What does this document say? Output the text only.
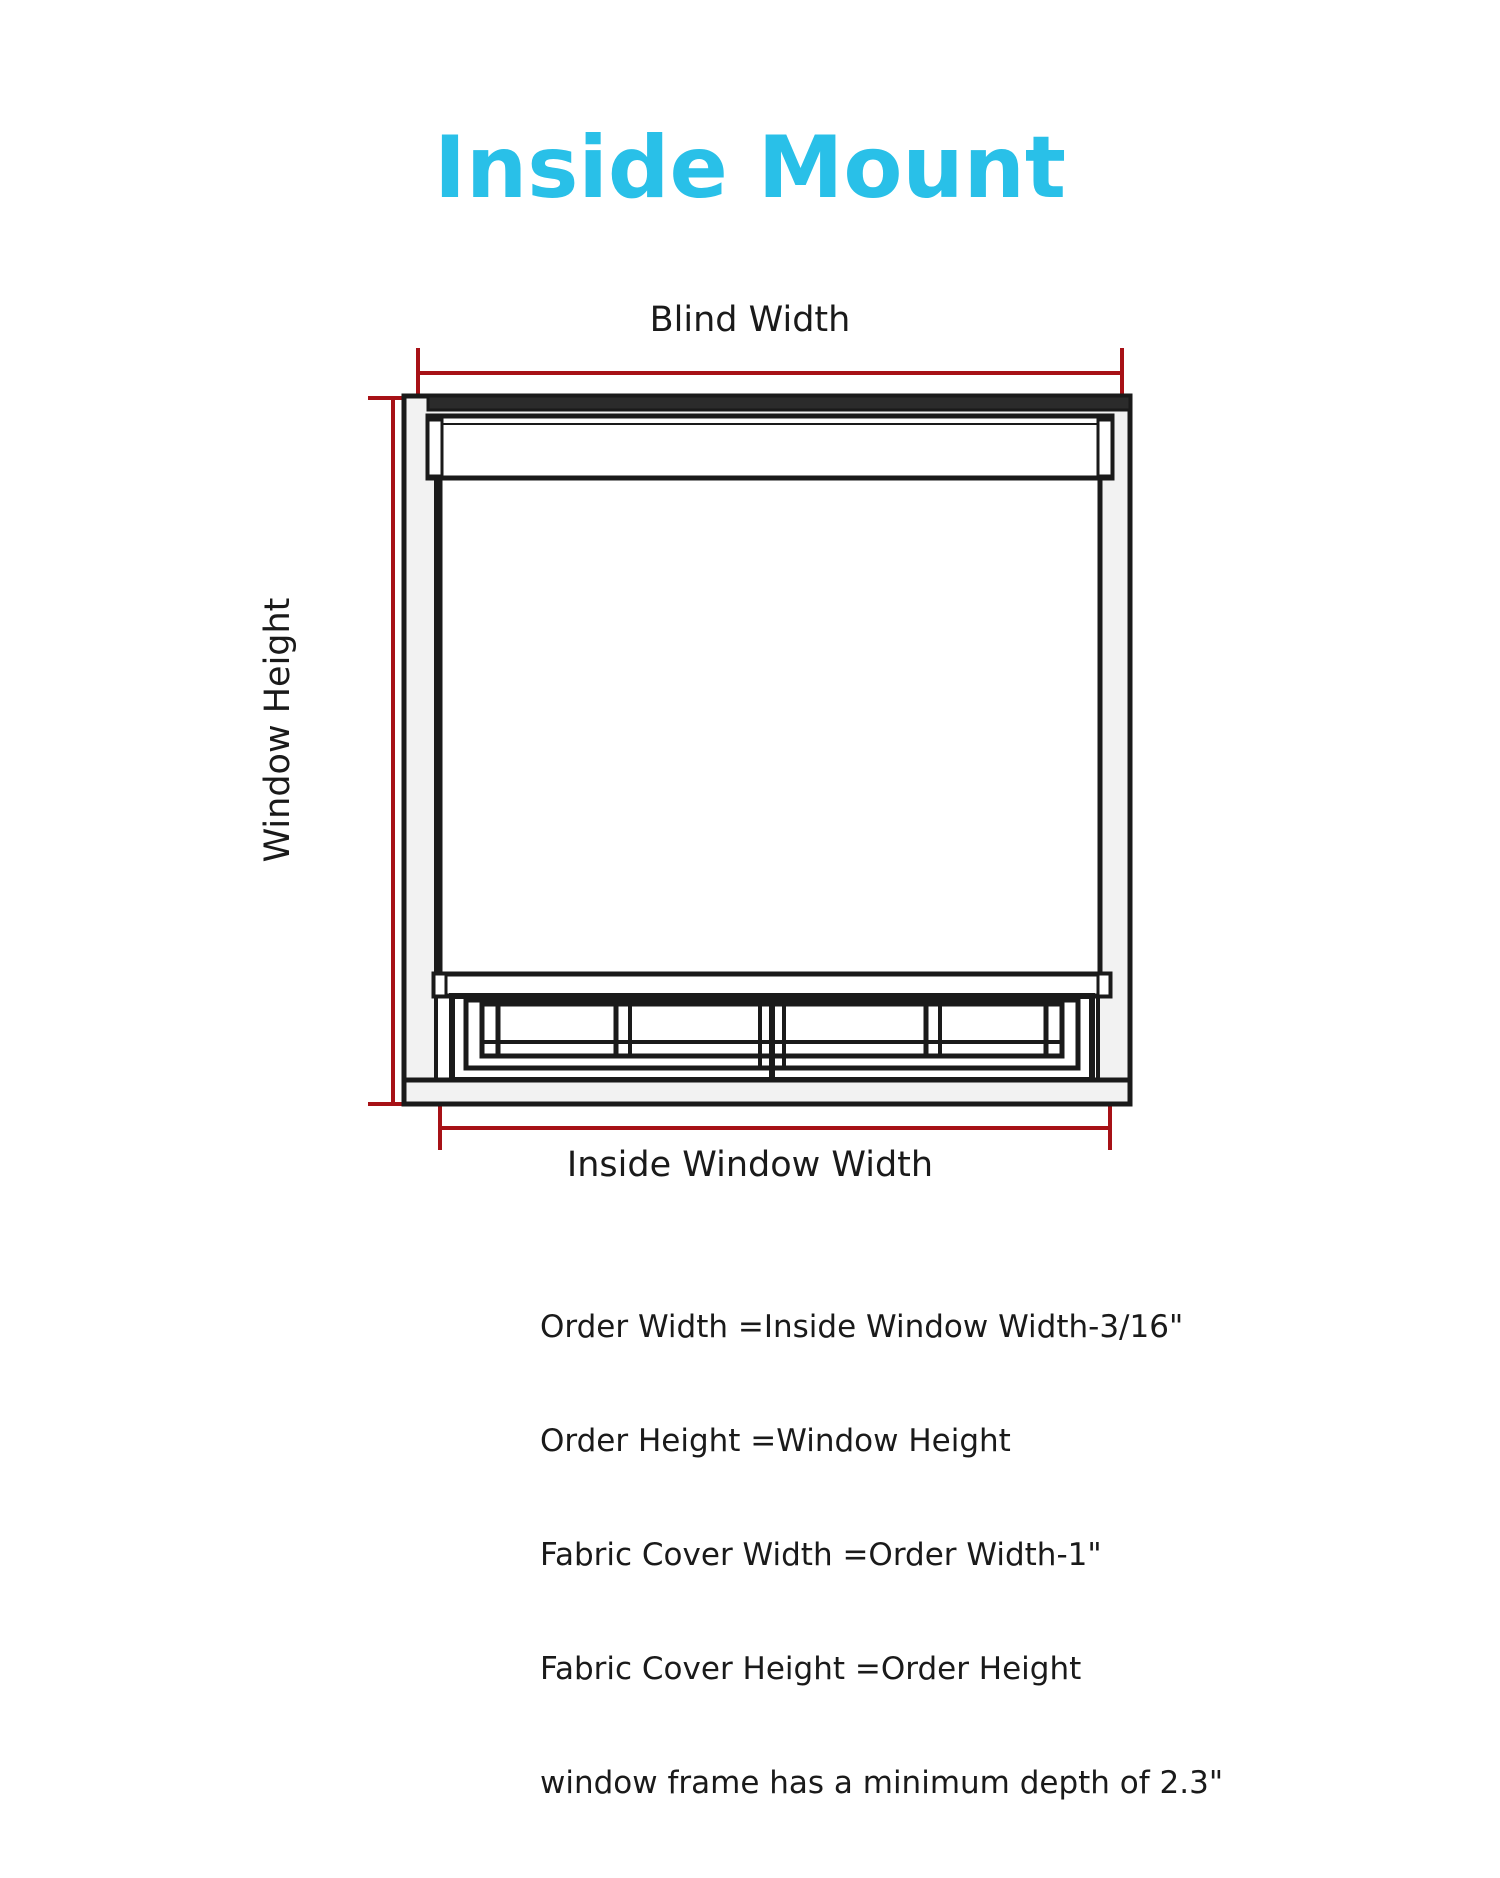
Inside Mount
Blind Width
Window Height
Inside Window Width

Order Width =Inside Window Width-3/16"

Order Height =Window Height

Fabric Cover Width =Order Width-1"

Fabric Cover Height =Order Height

window frame has a minimum depth of 2.3"
